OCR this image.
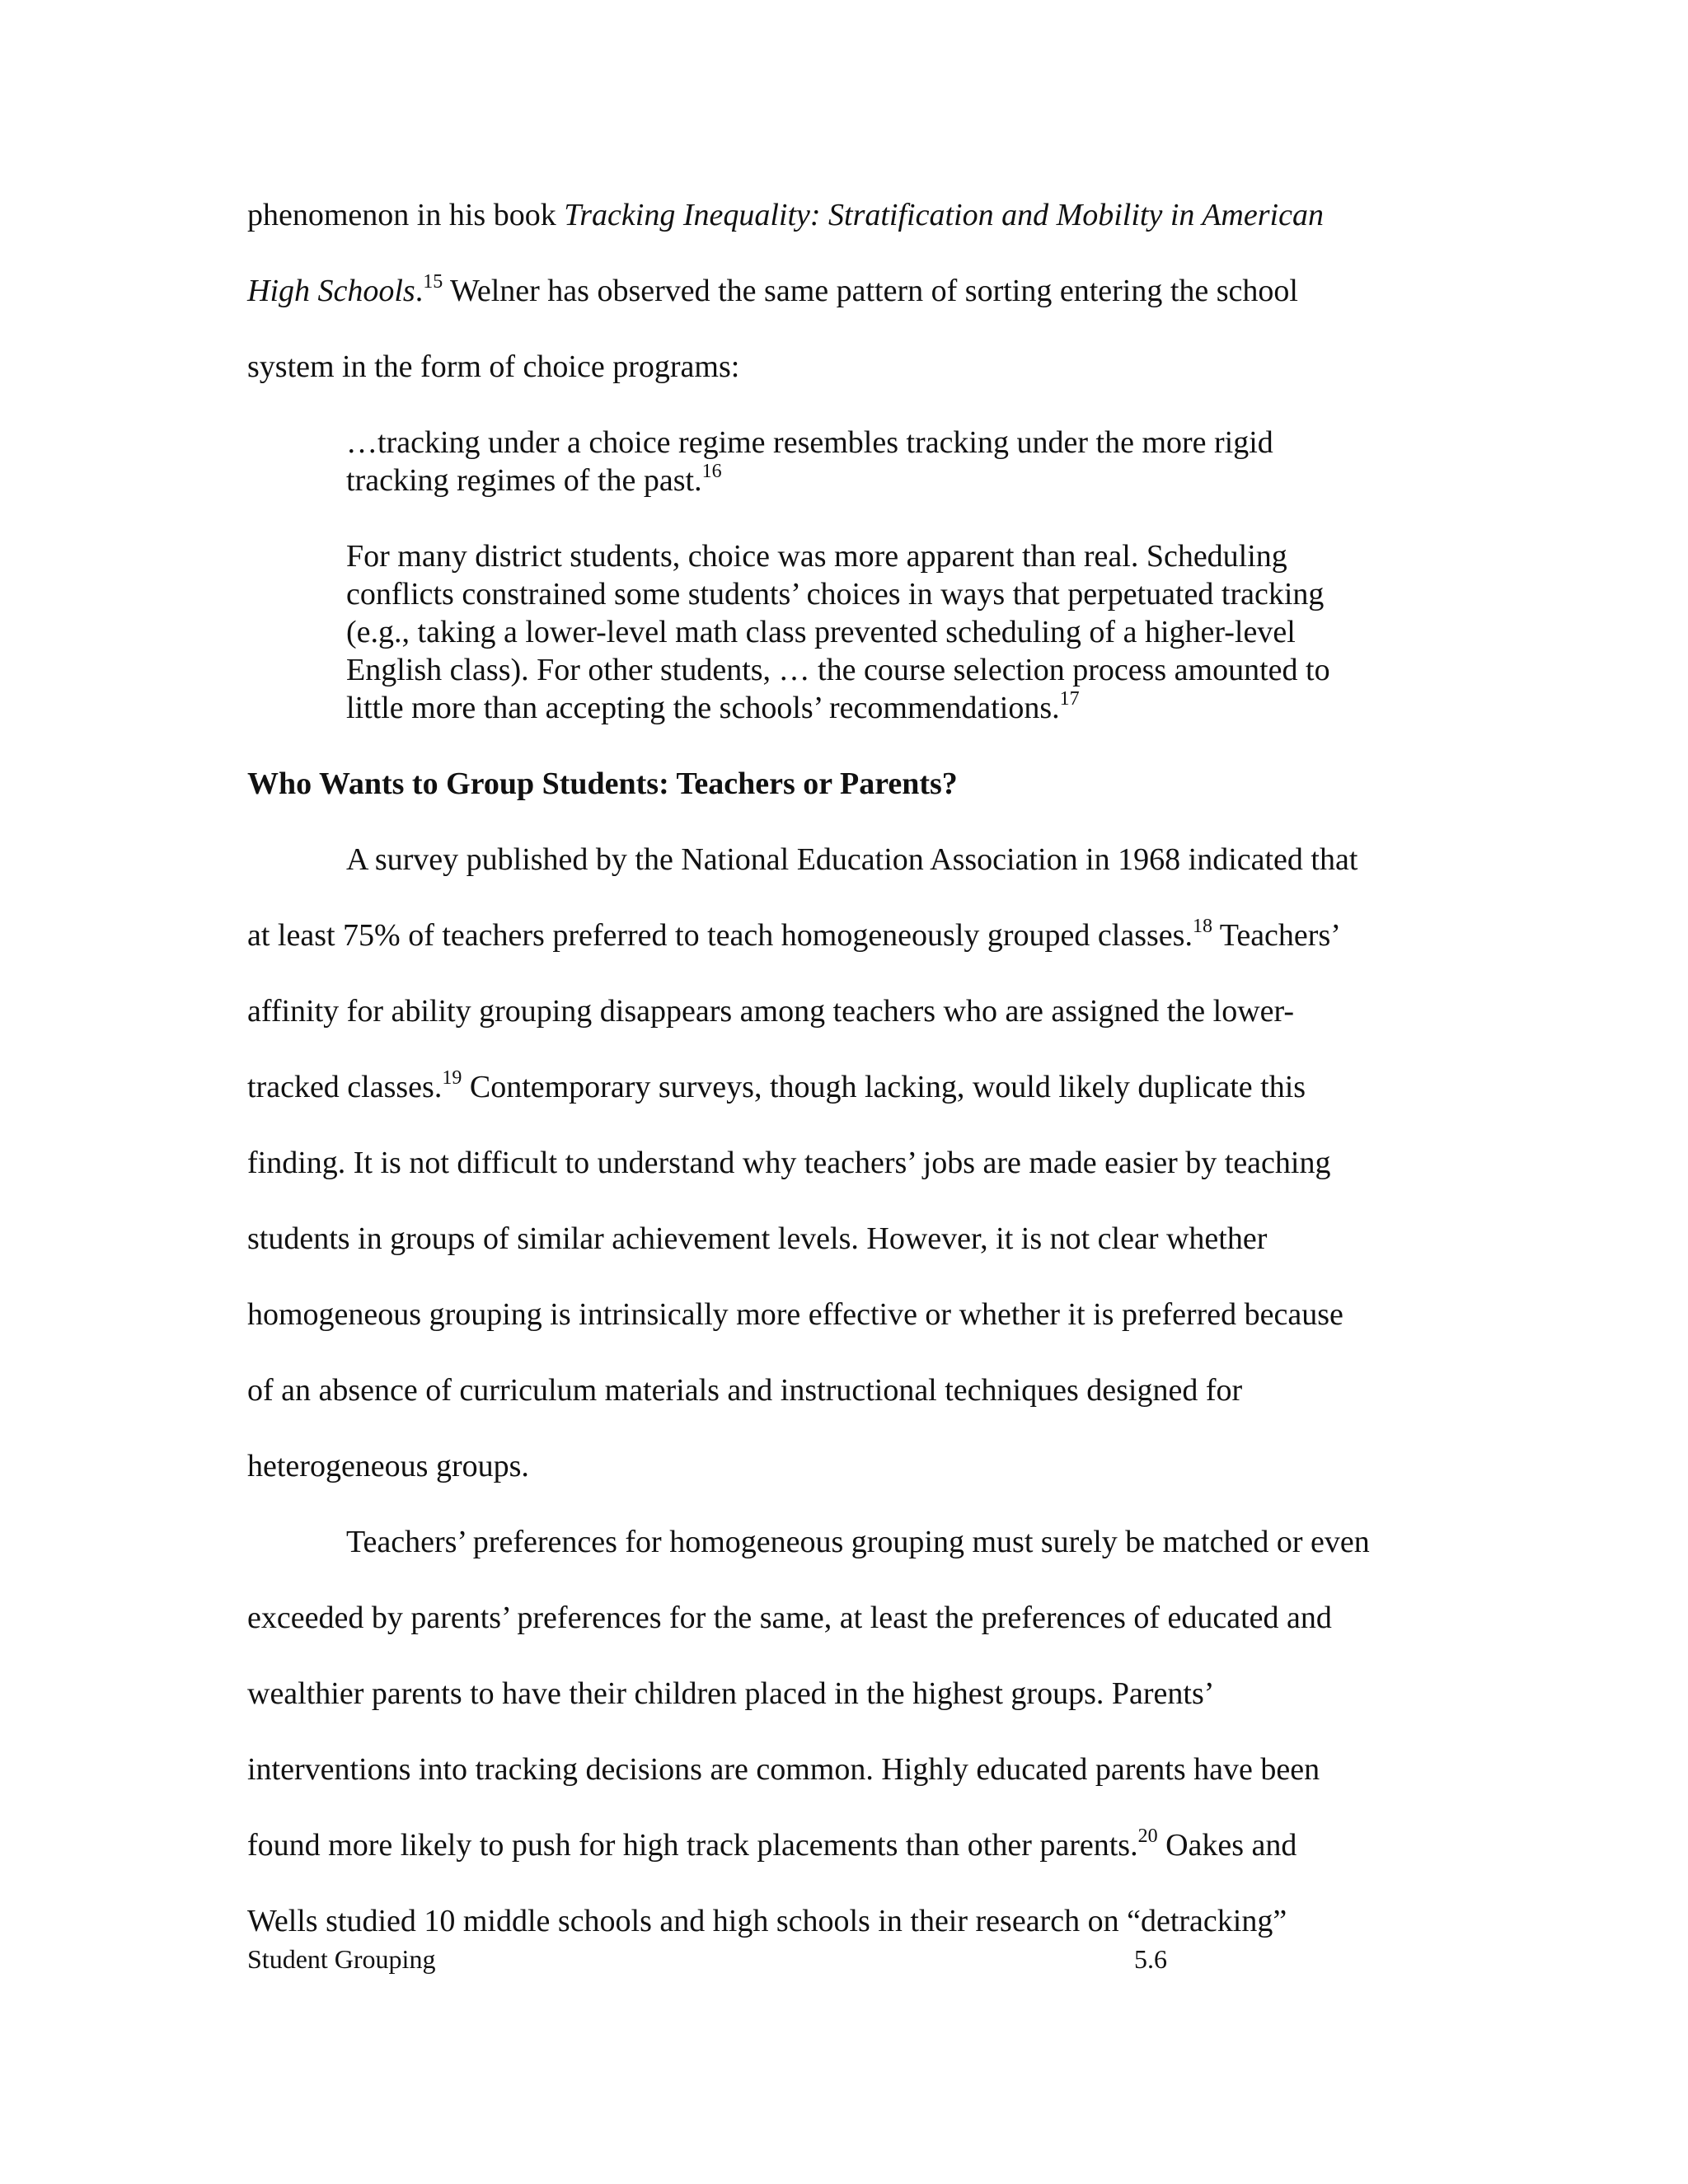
phenomenon in his book Tracking Inequality: Stratification and Mobility in American
High Schools.$^{15}$ Welner has observed the same pattern of sorting entering the school
system in the form of choice programs:
…tracking under a choice regime resembles tracking under the more rigid
tracking regimes of the past.$^{16}$
For many district students, choice was more apparent than real. Scheduling
conflicts constrained some students’ choices in ways that perpetuated tracking
(e.g., taking a lower-level math class prevented scheduling of a higher-level
English class). For other students, … the course selection process amounted to
little more than accepting the schools’ recommendations.$^{17}$
Who Wants to Group Students: Teachers or Parents?
A survey published by the National Education Association in 1968 indicated that
at least 75% of teachers preferred to teach homogeneously grouped classes.$^{18}$ Teachers’
affinity for ability grouping disappears among teachers who are assigned the lower-
tracked classes.$^{19}$ Contemporary surveys, though lacking, would likely duplicate this
finding. It is not difficult to understand why teachers’ jobs are made easier by teaching
students in groups of similar achievement levels. However, it is not clear whether
homogeneous grouping is intrinsically more effective or whether it is preferred because
of an absence of curriculum materials and instructional techniques designed for
heterogeneous groups.
Teachers’ preferences for homogeneous grouping must surely be matched or even
exceeded by parents’ preferences for the same, at least the preferences of educated and
wealthier parents to have their children placed in the highest groups. Parents’
interventions into tracking decisions are common. Highly educated parents have been
found more likely to push for high track placements than other parents.$^{20}$ Oakes and
Wells studied 10 middle schools and high schools in their research on “detracking”
Student Grouping	5.6
